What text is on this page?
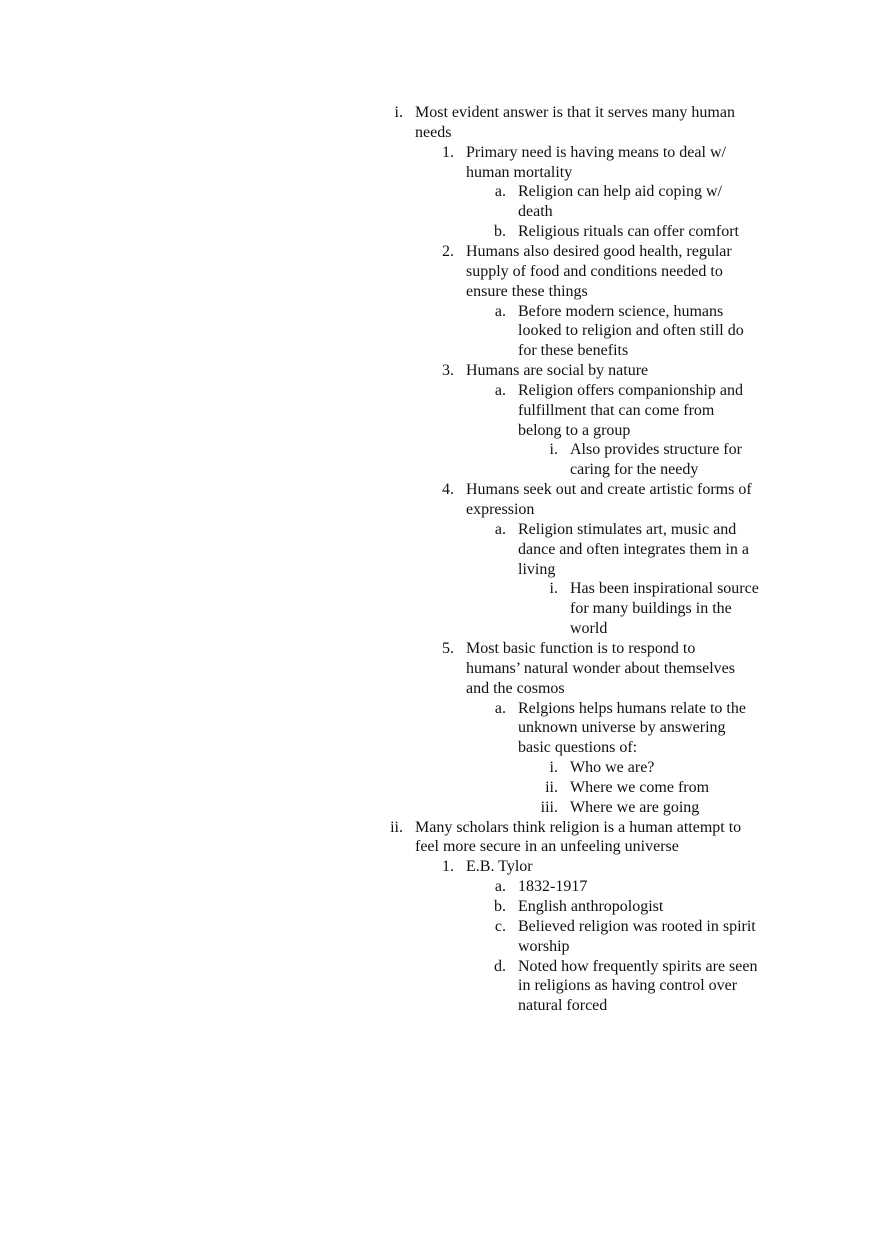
i. Most evident answer is that it serves many human
needs
1. Primary need is having means to deal w/
human mortality
a. Religion can help aid coping w/
death
b. Religious rituals can offer comfort
2. Humans also desired good health, regular
supply of food and conditions needed to
ensure these things
a. Before modern science, humans
looked to religion and often still do
for these benefits
3. Humans are social by nature
a. Religion offers companionship and
fulfillment that can come from
belong to a group
i. Also provides structure for
caring for the needy
4. Humans seek out and create artistic forms of
expression
a. Religion stimulates art, music and
dance and often integrates them in a
living
i. Has been inspirational source
for many buildings in the
world
5. Most basic function is to respond to
humans’ natural wonder about themselves
and the cosmos
a. Relgions helps humans relate to the
unknown universe by answering
basic questions of:
i. Who we are?
ii. Where we come from
iii. Where we are going
ii. Many scholars think religion is a human attempt to
feel more secure in an unfeeling universe
1. E.B. Tylor
a. 1832-1917
b. English anthropologist
c. Believed religion was rooted in spirit
worship
d. Noted how frequently spirits are seen
in religions as having control over
natural forced
